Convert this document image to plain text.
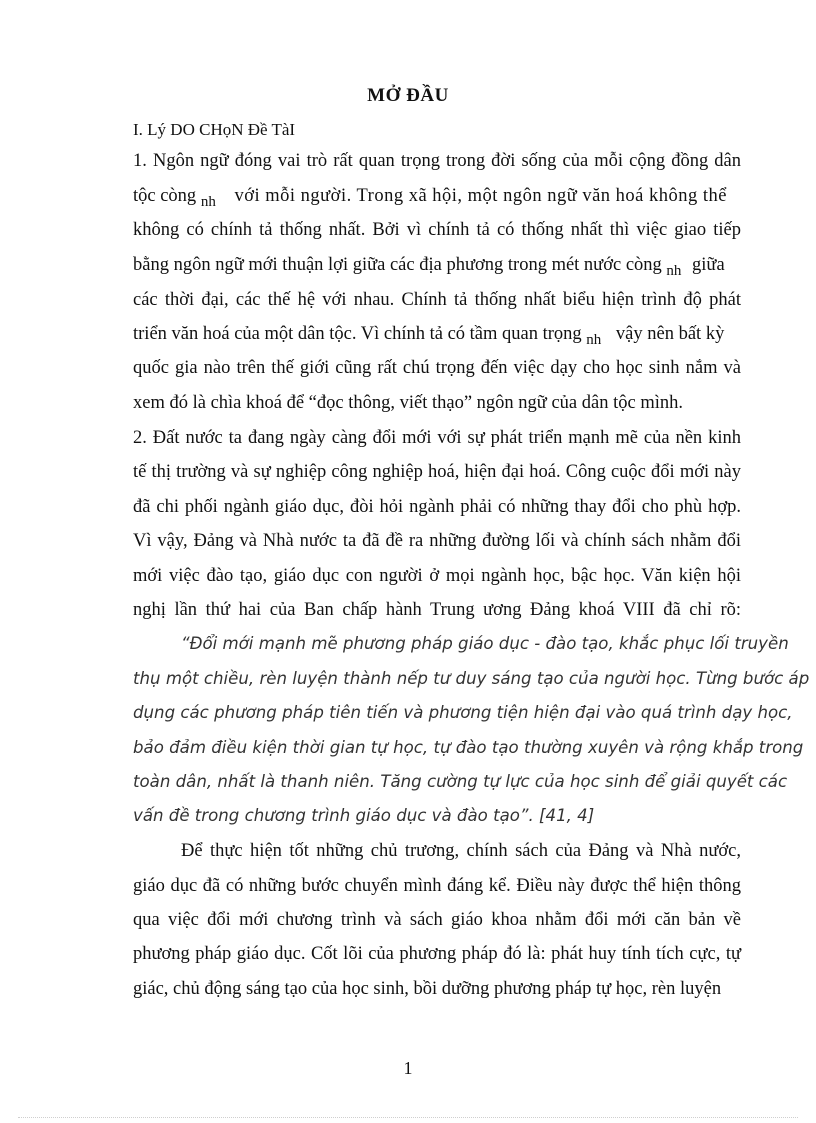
MỞ ĐẦU
I. Lý DO CHọN Đề TàI
1. Ngôn ngữ đóng vai trò rất quan trọng trong đời sống của mỗi cộng đồng dân
tộc còng $_{nh}$ với mỗi người. Trong xã hội, một ngôn ngữ văn hoá không thể
không có chính tả thống nhất. Bởi vì chính tả có thống nhất thì việc giao tiếp
bằng ngôn ngữ mới thuận lợi giữa các địa phương trong mét nước còng $_{nh}$ giữa
các thời đại, các thế hệ với nhau. Chính tả thống nhất biểu hiện trình độ phát
triển văn hoá của một dân tộc. Vì chính tả có tầm quan trọng $_{nh}$ vậy nên bất kỳ
quốc gia nào trên thế giới cũng rất chú trọng đến việc dạy cho học sinh nắm và
xem đó là chìa khoá để “đọc thông, viết thạo” ngôn ngữ của dân tộc mình.
2. Đất nước ta đang ngày càng đổi mới với sự phát triển mạnh mẽ của nền kinh
tế thị trường và sự nghiệp công nghiệp hoá, hiện đại hoá. Công cuộc đổi mới này
đã chi phối ngành giáo dục, đòi hỏi ngành phải có những thay đổi cho phù hợp.
Vì vậy, Đảng và Nhà nước ta đã đề ra những đường lối và chính sách nhằm đổi
mới việc đào tạo, giáo dục con người ở mọi ngành học, bậc học. Văn kiện hội
nghị lần thứ hai của Ban chấp hành Trung ương Đảng khoá VIII đã chỉ rõ:
“Đổi mới mạnh mẽ phương pháp giáo dục - đào tạo, khắc phục lối truyền
thụ một chiều, rèn luyện thành nếp tư duy sáng tạo của người học. Từng bước áp
dụng các phương pháp tiên tiến và phương tiện hiện đại vào quá trình dạy học,
bảo đảm điều kiện thời gian tự học, tự đào tạo thường xuyên và rộng khắp trong
toàn dân, nhất là thanh niên. Tăng cường tự lực của học sinh để giải quyết các
vấn đề trong chương trình giáo dục và đào tạo”. [41, 4]
Để thực hiện tốt những chủ trương, chính sách của Đảng và Nhà nước,
giáo dục đã có những bước chuyển mình đáng kể. Điều này được thể hiện thông
qua việc đổi mới chương trình và sách giáo khoa nhằm đổi mới căn bản về
phương pháp giáo dục. Cốt lõi của phương pháp đó là: phát huy tính tích cực, tự
giác, chủ động sáng tạo của học sinh, bồi dưỡng phương pháp tự học, rèn luyện
1
